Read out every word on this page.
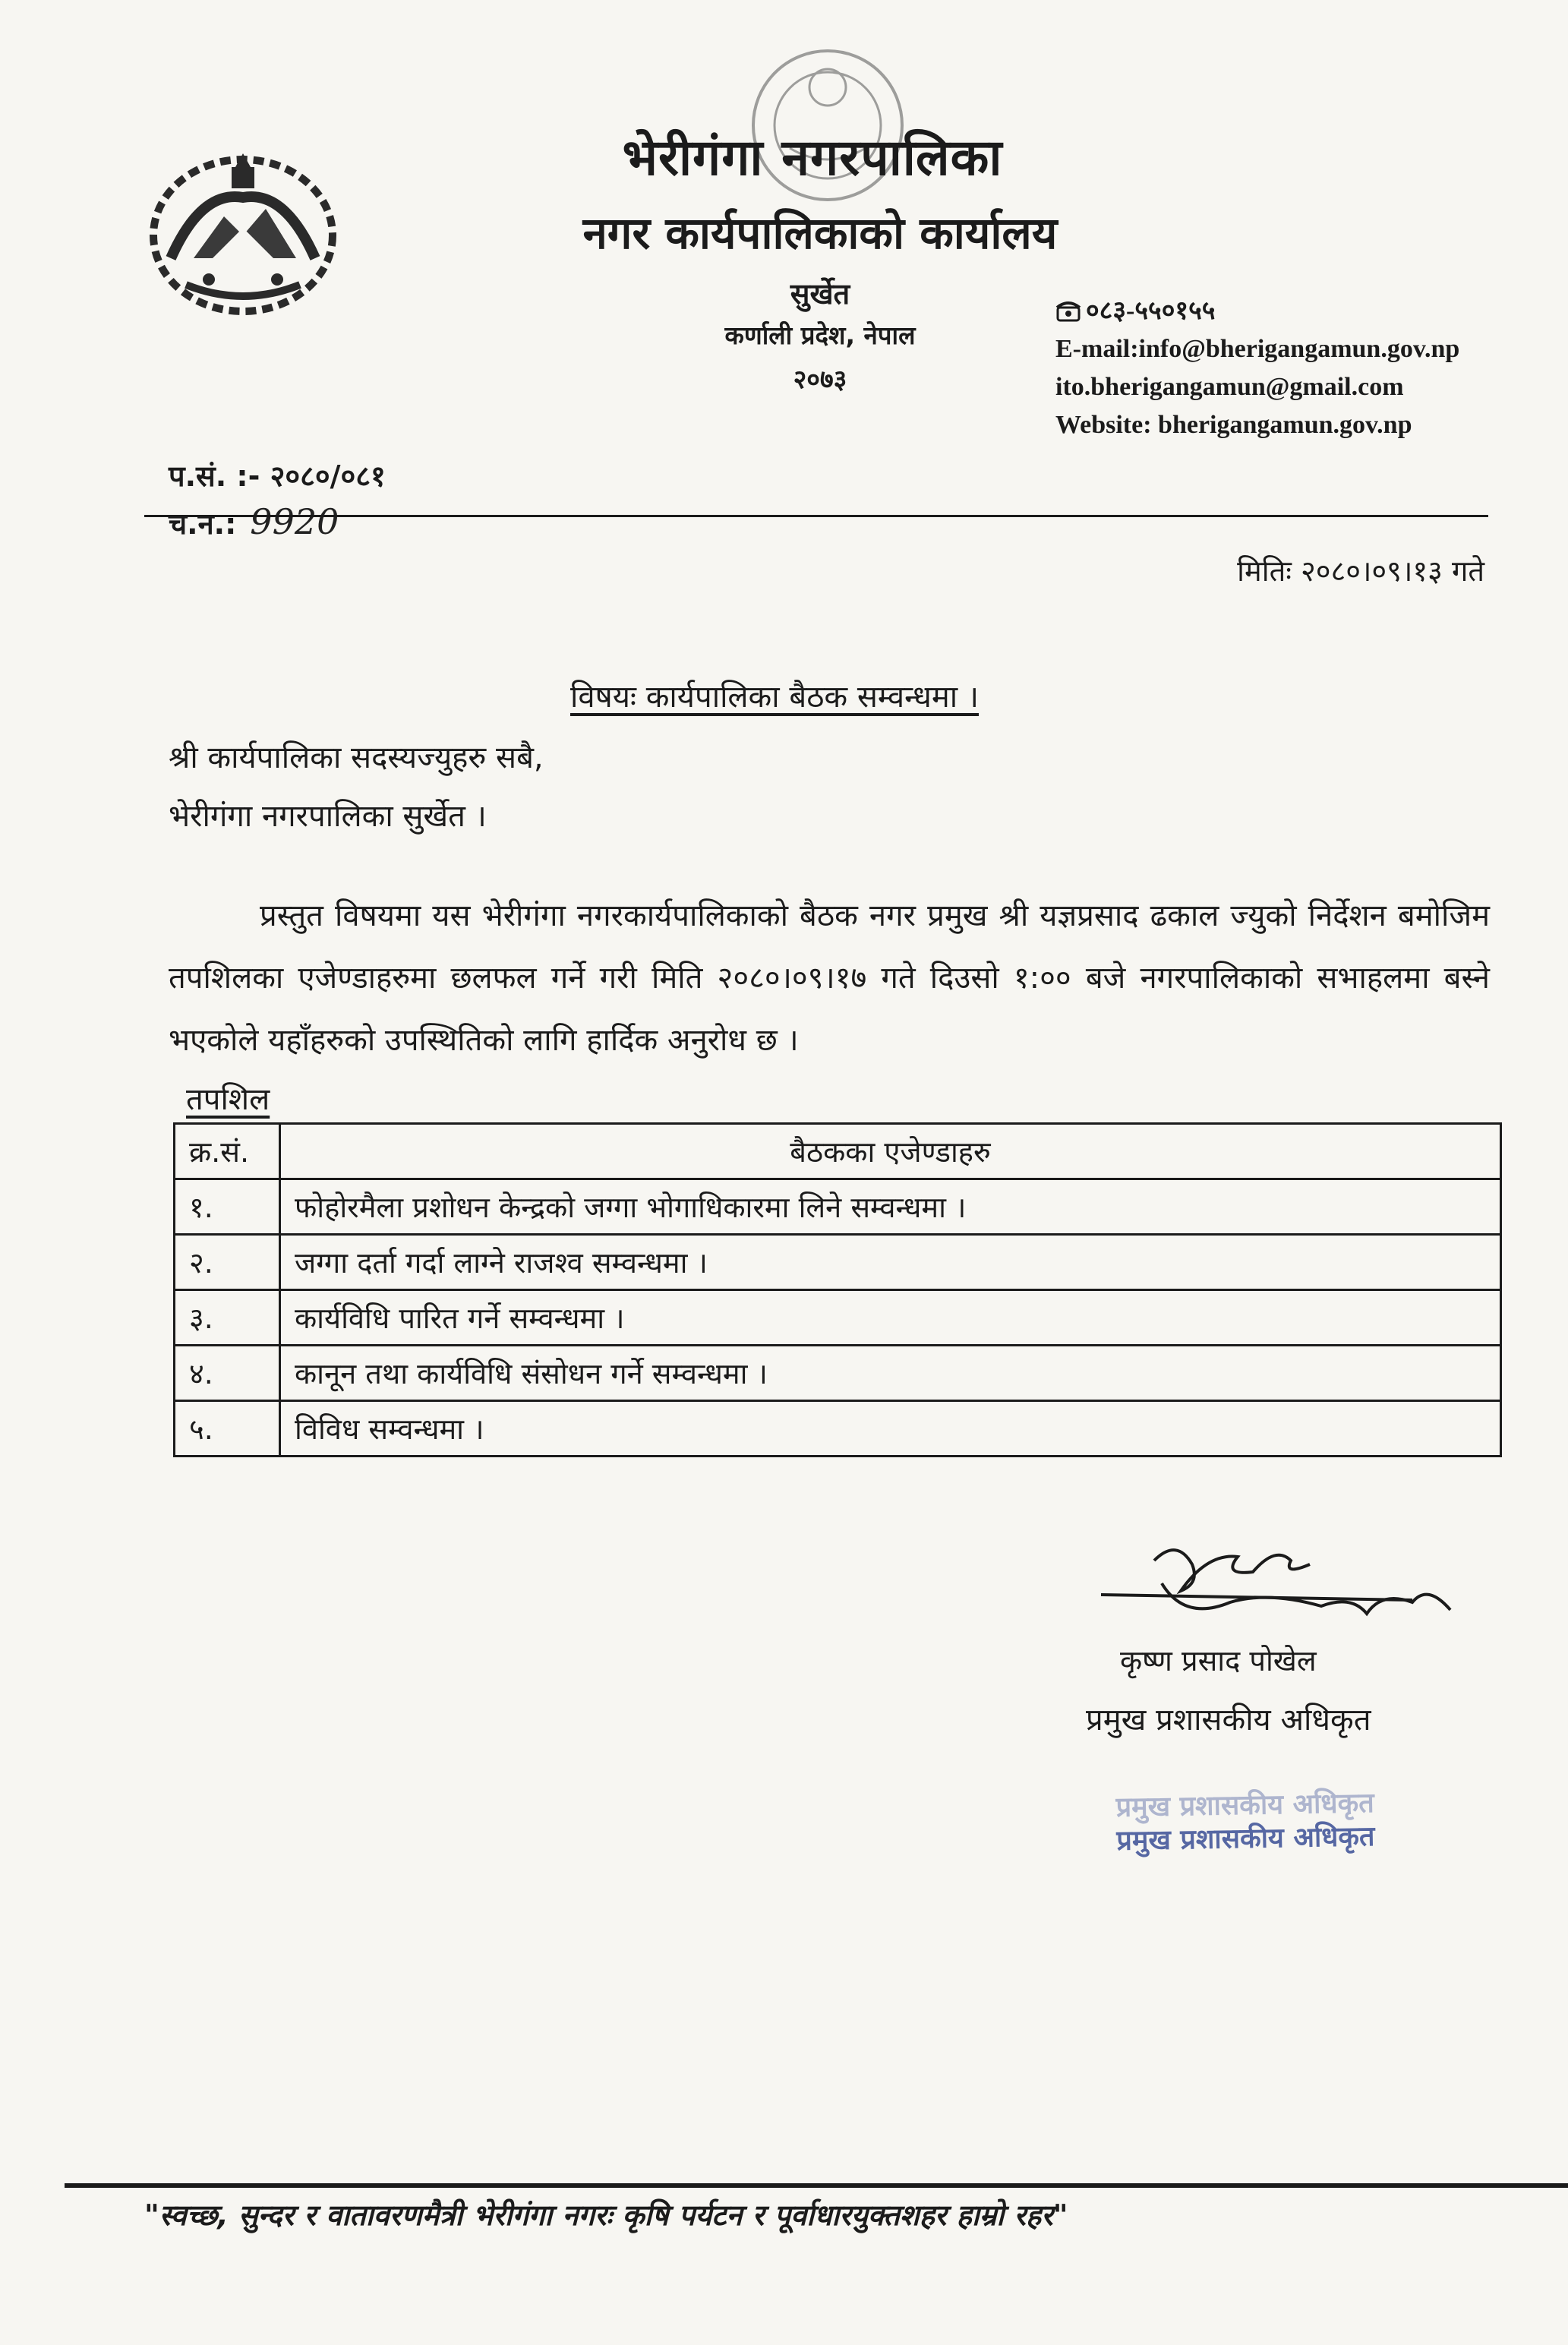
भेरीगंगा नगरपालिका
नगर कार्यपालिकाको कार्यालय
सुर्खेत
कर्णाली प्रदेश, नेपाल
२०७३
०८३-५५०१५५
E-mail:info@bherigangamun.gov.np
ito.bherigangamun@gmail.com
Website: bherigangamun.gov.np
प.सं. :- २०८०/०८१
च.न.: 9920
मितिः २०८०।०९।१३ गते
विषयः कार्यपालिका बैठक सम्वन्धमा ।
श्री कार्यपालिका सदस्यज्युहरु सबै,
भेरीगंगा नगरपालिका सुर्खेत ।
प्रस्तुत विषयमा यस भेरीगंगा नगरकार्यपालिकाको बैठक नगर प्रमुख श्री यज्ञप्रसाद ढकाल ज्युको निर्देशन बमोजिम तपशिलका एजेण्डाहरुमा छलफल गर्ने गरी मिति २०८०।०९।१७ गते दिउसो १:०० बजे नगरपालिकाको सभाहलमा बस्ने भएकोले यहाँहरुको उपस्थितिको लागि हार्दिक अनुरोध छ ।
तपशिल
क्र.सं.	बैठकका एजेण्डाहरु
१.	फोहोरमैला प्रशोधन केन्द्रको जग्गा भोगाधिकारमा लिने सम्वन्धमा ।
२.	जग्गा दर्ता गर्दा लाग्ने राजश्व सम्वन्धमा ।
३.	कार्यविधि पारित गर्ने सम्वन्धमा ।
४.	कानून तथा कार्यविधि संसोधन गर्ने सम्वन्धमा ।
५.	विविध सम्वन्धमा ।
कृष्ण प्रसाद पोखेल
प्रमुख प्रशासकीय अधिकृत
प्रमुख प्रशासकीय अधिकृत
प्रमुख प्रशासकीय अधिकृत
"स्वच्छ, सुन्दर र वातावरणमैत्री भेरीगंगा नगरः कृषि पर्यटन र पूर्वाधारयुक्तशहर हाम्रो रहर"
